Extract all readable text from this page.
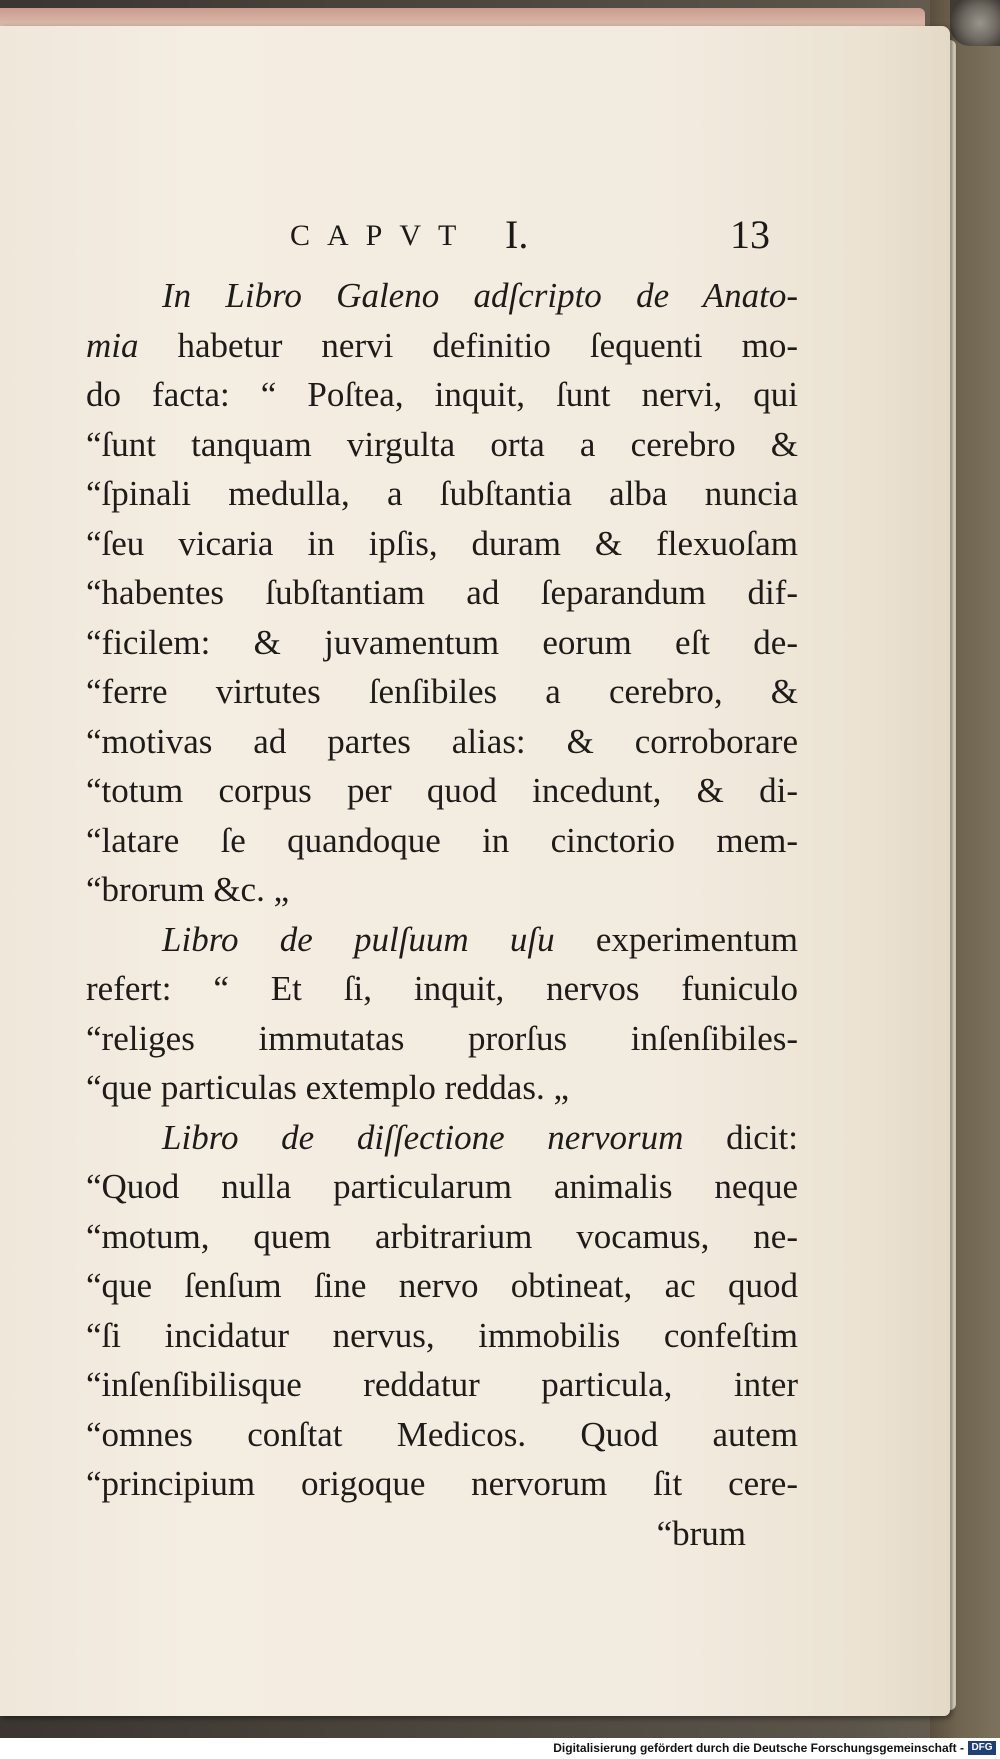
CAPVT I.	13
In Libro Galeno adſcripto de Anato-
mia habetur nervi definitio ſequenti mo-
do facta: “ Poſtea, inquit, ſunt nervi, qui
“ſunt tanquam virgulta orta a cerebro &
“ſpinali medulla, a ſubſtantia alba nuncia
“ſeu vicaria in ipſis, duram & flexuoſam
“habentes ſubſtantiam ad ſeparandum dif-
“ficilem: & juvamentum eorum eſt de-
“ferre virtutes ſenſibiles a cerebro, &
“motivas ad partes alias: & corroborare
“totum corpus per quod incedunt, & di-
“latare ſe quandoque in cinctorio mem-
“brorum &c. „
Libro de pulſuum uſu experimentum
refert: “ Et ſi, inquit, nervos funiculo
“religes immutatas prorſus inſenſibiles-
“que particulas extemplo reddas. „
Libro de diſſectione nervorum dicit:
“Quod nulla particularum animalis neque
“motum, quem arbitrarium vocamus, ne-
“que ſenſum ſine nervo obtineat, ac quod
“ſi incidatur nervus, immobilis confeſtim
“inſenſibilisque reddatur particula, inter
“omnes conſtat Medicos. Quod autem
“principium origoque nervorum ſit cere-
“brum
Digitalisierung gefördert durch die Deutsche Forschungsgemeinschaft - DFG
